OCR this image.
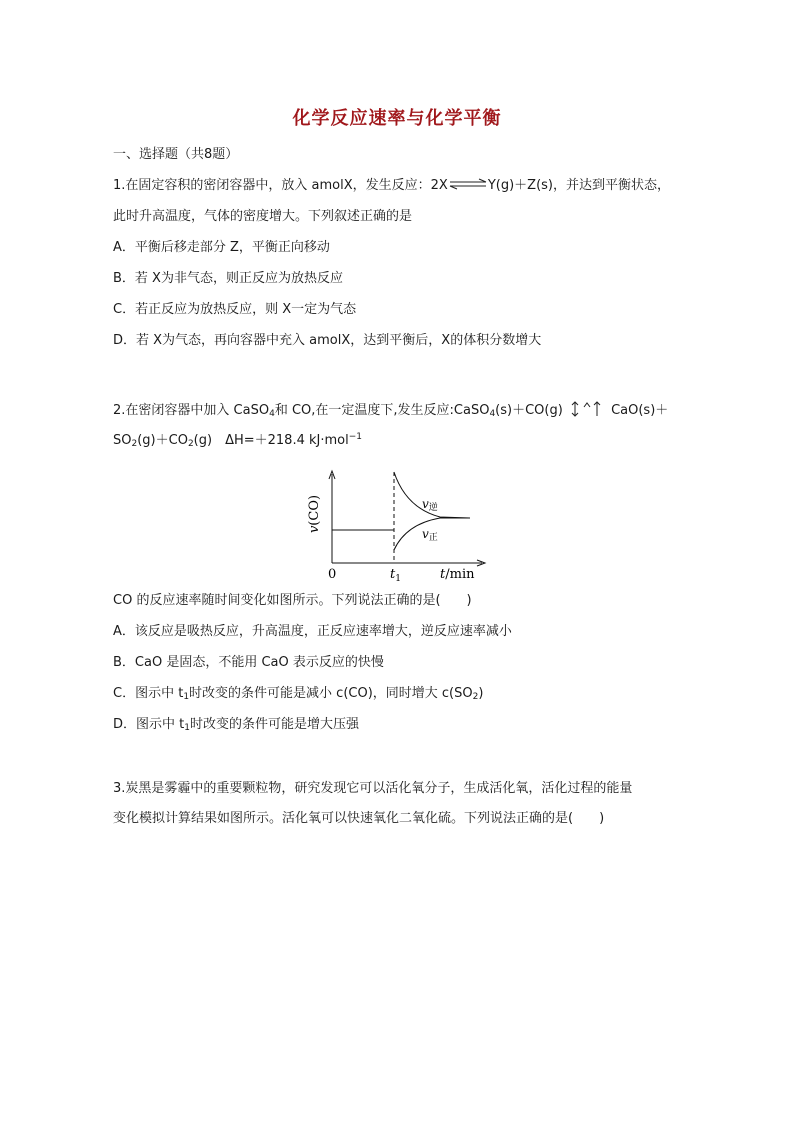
化学反应速率与化学平衡
一、选择题（共8题）
1.在固定容积的密闭容器中，放入 amolX，发生反应：2X⇌Y(g)＋Z(s)，并达到平衡状态，
此时升高温度，气体的密度增大。下列叙述正确的是
A．平衡后移走部分 Z，平衡正向移动
B．若 X为非气态，则正反应为放热反应
C．若正反应为放热反应，则 X一定为气态
D．若 X为气态，再向容器中充入 amolX，达到平衡后，X的体积分数增大
2.在密闭容器中加入 CaSO$_4$和 CO,在一定温度下,发生反应:CaSO$_4$(s)＋CO(g)	CaO(s)＋
$SO_2(g)+CO_2(g)$　ΔH=＋218.4 kJ·mol$^{-1}$
v(CO)
0	$t_1$	t/min
v逆
v正
CO 的反应速率随时间变化如图所示。下列说法正确的是(　　)
A．该反应是吸热反应，升高温度，正反应速率增大，逆反应速率减小
B．CaO 是固态，不能用 CaO 表示反应的快慢
C．图示中 $t_1$时改变的条件可能是减小 c(CO)，同时增大 $c(SO_2)$
D．图示中 $t_1$时改变的条件可能是增大压强
3.炭黑是雾霾中的重要颗粒物，研究发现它可以活化氧分子，生成活化氧，活化过程的能量
变化模拟计算结果如图所示。活化氧可以快速氧化二氧化硫。下列说法正确的是(　　)
